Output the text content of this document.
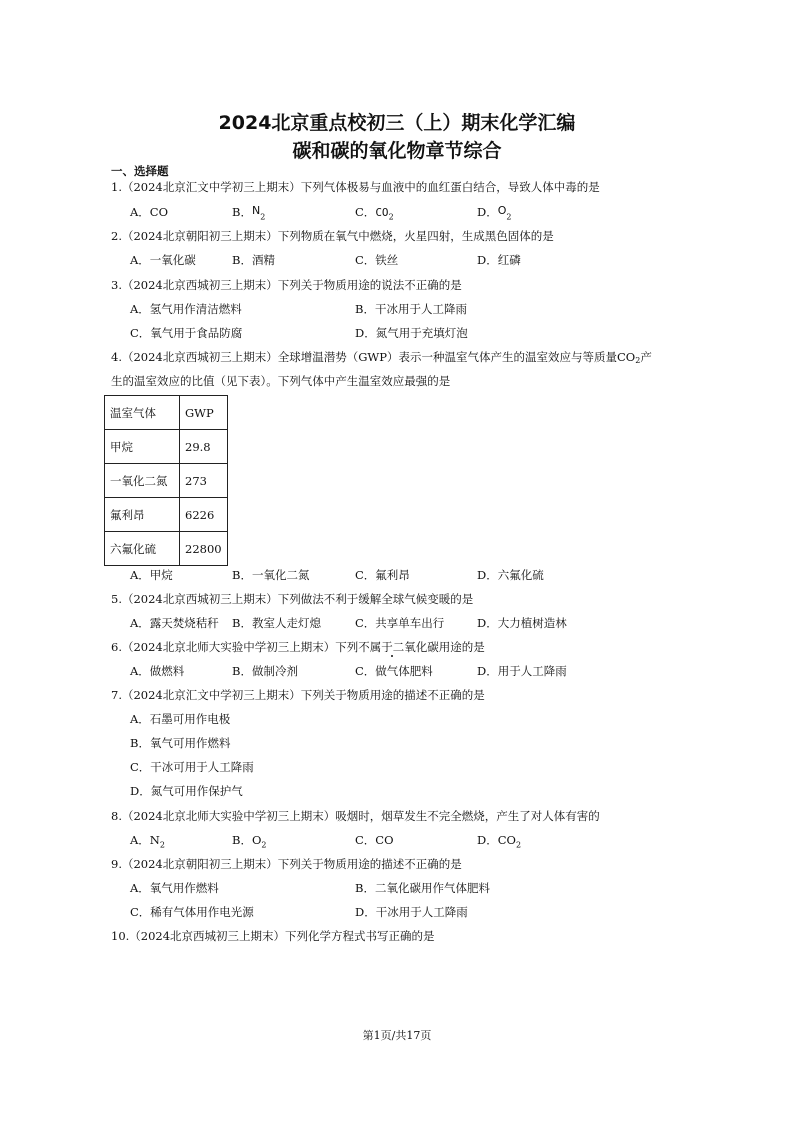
2024北京重点校初三（上）期末化学汇编
碳和碳的氧化物章节综合
一、选择题
1.（2024北京汇文中学初三上期末）下列气体极易与血液中的血红蛋白结合，导致人体中毒的是
A．CO	B．$N_2$	C．$CO_2$	D．$O_2$
2.（2024北京朝阳初三上期末）下列物质在氧气中燃烧，火星四射，生成黑色固体的是
A．一氧化碳	B．酒精	C．铁丝	D．红磷
3.（2024北京西城初三上期末）下列关于物质用途的说法不正确的是
A．氢气用作清洁燃料	B．干冰用于人工降雨
C．氧气用于食品防腐	D．氮气用于充填灯泡
4.（2024北京西城初三上期末）全球增温潜势（GWP）表示一种温室气体产生的温室效应与等质量$CO_2$产
生的温室效应的比值（见下表）。下列气体中产生温室效应最强的是
温室气体	GWP
甲烷	29.8
一氧化二氮	273
氟利昂	6226
六氟化硫	22800
A．甲烷	B．一氧化二氮	C．氟利昂	D．六氟化硫
5.（2024北京西城初三上期末）下列做法不利于缓解全球气候变暖的是
A．露天焚烧秸秆 B．教室人走灯熄	C．共享单车出行	D．大力植树造林
6.（2024北京北师大实验中学初三上期末）下列不属于二氧化碳用途的是
A．做燃料	B．做制冷剂	C．做气体肥料	D．用于人工降雨
7.（2024北京汇文中学初三上期末）下列关于物质用途的描述不正确的是
A．石墨可用作电极
B．氧气可用作燃料
C．干冰可用于人工降雨
D．氮气可用作保护气
8.（2024北京北师大实验中学初三上期末）吸烟时，烟草发生不完全燃烧，产生了对人体有害的
A．$N_2$	B．$O_2$	C．CO	D．$CO_2$
9.（2024北京朝阳初三上期末）下列关于物质用途的描述不正确的是
A．氧气用作燃料	B．二氧化碳用作气体肥料
C．稀有气体用作电光源	D．干冰用于人工降雨
10.（2024北京西城初三上期末）下列化学方程式书写正确的是
第1页/共17页
